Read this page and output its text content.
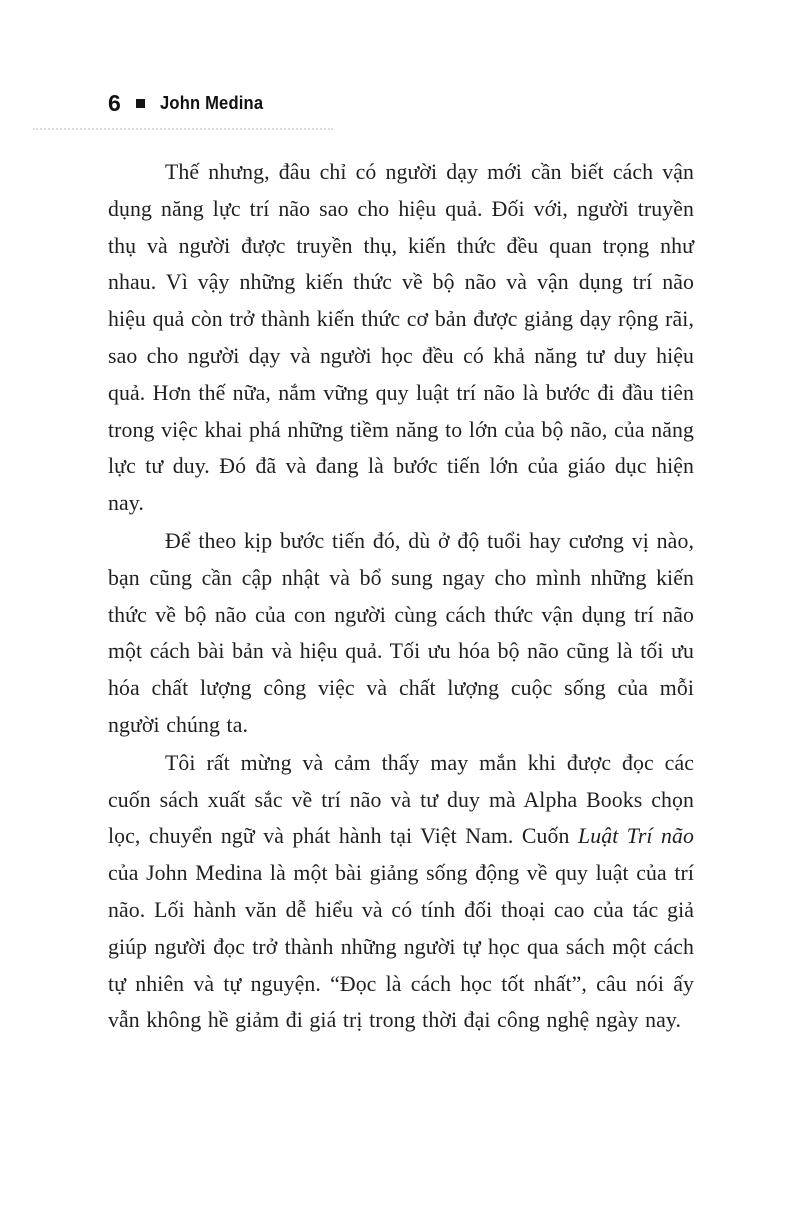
6 John Medina

Thế nhưng, đâu chỉ có người dạy mới cần biết cách vận dụng năng lực trí não sao cho hiệu quả. Đối với, người truyền thụ và người được truyền thụ, kiến thức đều quan trọng như nhau. Vì vậy những kiến thức về bộ não và vận dụng trí não hiệu quả còn trở thành kiến thức cơ bản được giảng dạy rộng rãi, sao cho người dạy và người học đều có khả năng tư duy hiệu quả. Hơn thế nữa, nắm vững quy luật trí não là bước đi đầu tiên trong việc khai phá những tiềm năng to lớn của bộ não, của năng lực tư duy. Đó đã và đang là bước tiến lớn của giáo dục hiện nay.

Để theo kịp bước tiến đó, dù ở độ tuổi hay cương vị nào, bạn cũng cần cập nhật và bổ sung ngay cho mình những kiến thức về bộ não của con người cùng cách thức vận dụng trí não một cách bài bản và hiệu quả. Tối ưu hóa bộ não cũng là tối ưu hóa chất lượng công việc và chất lượng cuộc sống của mỗi người chúng ta.

Tôi rất mừng và cảm thấy may mắn khi được đọc các cuốn sách xuất sắc về trí não và tư duy mà Alpha Books chọn lọc, chuyển ngữ và phát hành tại Việt Nam. Cuốn Luật Trí não của John Medina là một bài giảng sống động về quy luật của trí não. Lối hành văn dễ hiểu và có tính đối thoại cao của tác giả giúp người đọc trở thành những người tự học qua sách một cách tự nhiên và tự nguyện. “Đọc là cách học tốt nhất”, câu nói ấy vẫn không hề giảm đi giá trị trong thời đại công nghệ ngày nay.
